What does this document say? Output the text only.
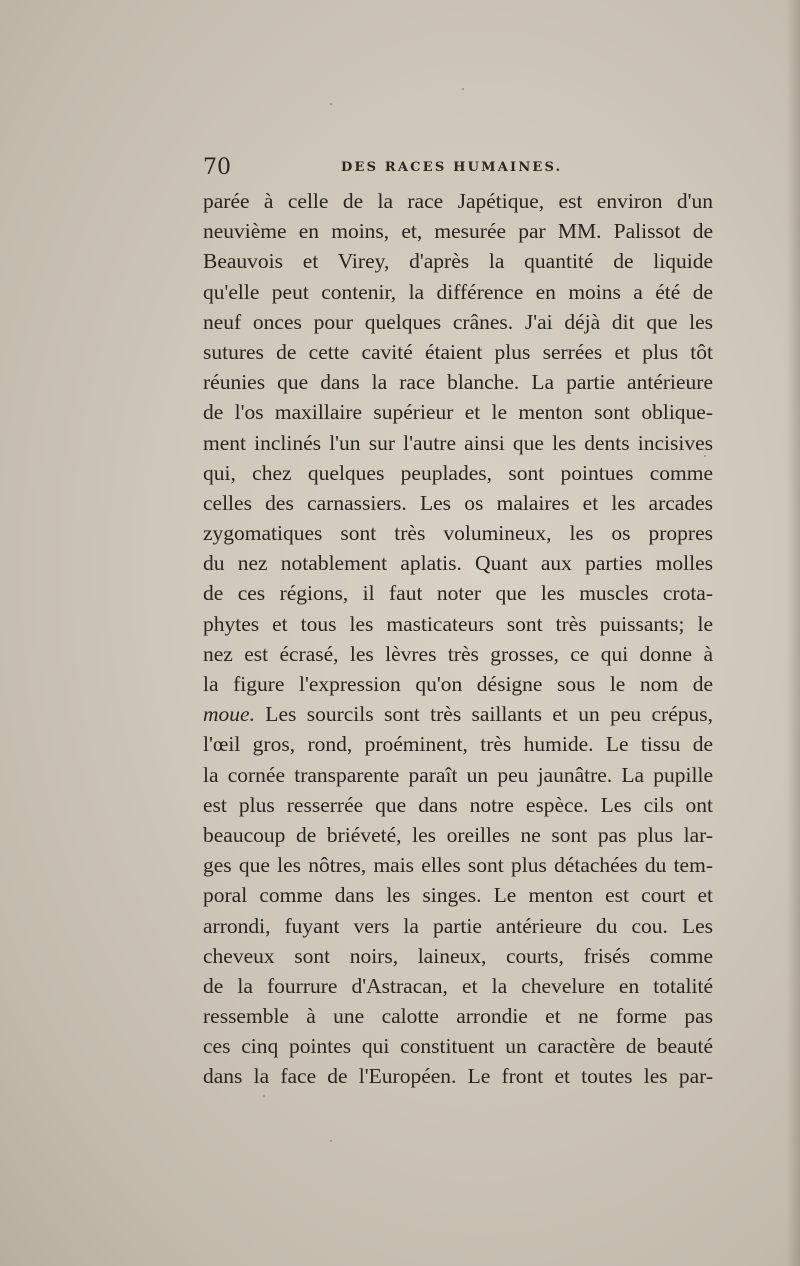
70	DES RACES HUMAINES.
parée à celle de la race Japétique, est environ d'un
neuvième en moins, et, mesurée par MM. Palissot de
Beauvois et Virey, d'après la quantité de liquide
qu'elle peut contenir, la différence en moins a été de
neuf onces pour quelques crânes. J'ai déjà dit que les
sutures de cette cavité étaient plus serrées et plus tôt
réunies que dans la race blanche. La partie antérieure
de l'os maxillaire supérieur et le menton sont oblique-
ment inclinés l'un sur l'autre ainsi que les dents incisives
qui, chez quelques peuplades, sont pointues comme
celles des carnassiers. Les os malaires et les arcades
zygomatiques sont très volumineux, les os propres
du nez notablement aplatis. Quant aux parties molles
de ces régions, il faut noter que les muscles crota-
phytes et tous les masticateurs sont très puissants; le
nez est écrasé, les lèvres très grosses, ce qui donne à
la figure l'expression qu'on désigne sous le nom de
moue. Les sourcils sont très saillants et un peu crépus,
l'œil gros, rond, proéminent, très humide. Le tissu de
la cornée transparente paraît un peu jaunâtre. La pupille
est plus resserrée que dans notre espèce. Les cils ont
beaucoup de briéveté, les oreilles ne sont pas plus lar-
ges que les nôtres, mais elles sont plus détachées du tem-
poral comme dans les singes. Le menton est court et
arrondi, fuyant vers la partie antérieure du cou. Les
cheveux sont noirs, laineux, courts, frisés comme
de la fourrure d'Astracan, et la chevelure en totalité
ressemble à une calotte arrondie et ne forme pas
ces cinq pointes qui constituent un caractère de beauté
dans la face de l'Européen. Le front et toutes les par-
